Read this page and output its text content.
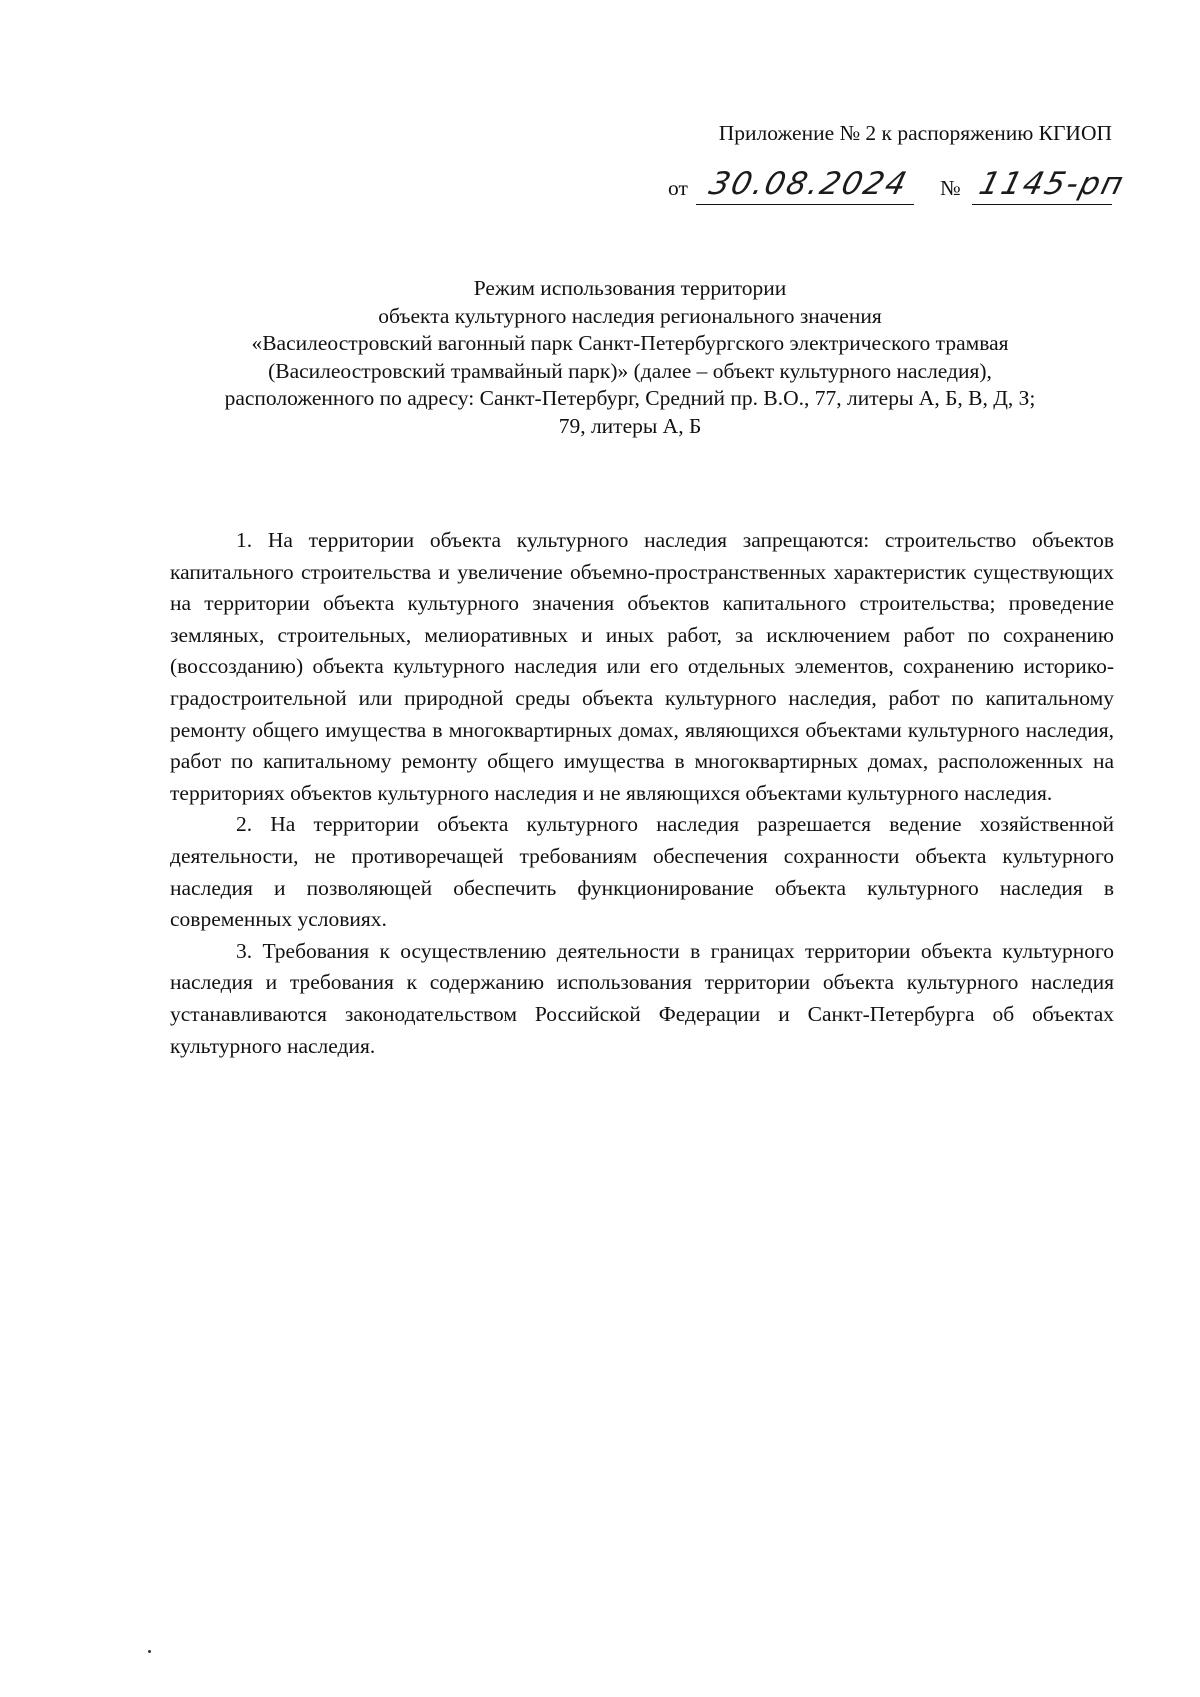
Приложение № 2 к распоряжению КГИОП
от 30.08.2024 № 1145-рп
Режим использования территории
объекта культурного наследия регионального значения
«Василеостровский вагонный парк Санкт-Петербургского электрического трамвая
(Василеостровский трамвайный парк)» (далее – объект культурного наследия),
расположенного по адресу: Санкт-Петербург, Средний пр. В.О., 77, литеры А, Б, В, Д, З;
79, литеры А, Б

1. На территории объекта культурного наследия запрещаются: строительство объектов капитального строительства и увеличение объемно-пространственных характеристик существующих на территории объекта культурного значения объектов капитального строительства; проведение земляных, строительных, мелиоративных и иных работ, за исключением работ по сохранению (воссозданию) объекта культурного наследия или его отдельных элементов, сохранению историко-градостроительной или природной среды объекта культурного наследия, работ по капитальному ремонту общего имущества в многоквартирных домах, являющихся объектами культурного наследия, работ по капитальному ремонту общего имущества в многоквартирных домах, расположенных на территориях объектов культурного наследия и не являющихся объектами культурного наследия.

2. На территории объекта культурного наследия разрешается ведение хозяйственной деятельности, не противоречащей требованиям обеспечения сохранности объекта культурного наследия и позволяющей обеспечить функционирование объекта культурного наследия в современных условиях.

3. Требования к осуществлению деятельности в границах территории объекта культурного наследия и требования к содержанию использования территории объекта культурного наследия устанавливаются законодательством Российской Федерации и Санкт-Петербурга об объектах культурного наследия.
